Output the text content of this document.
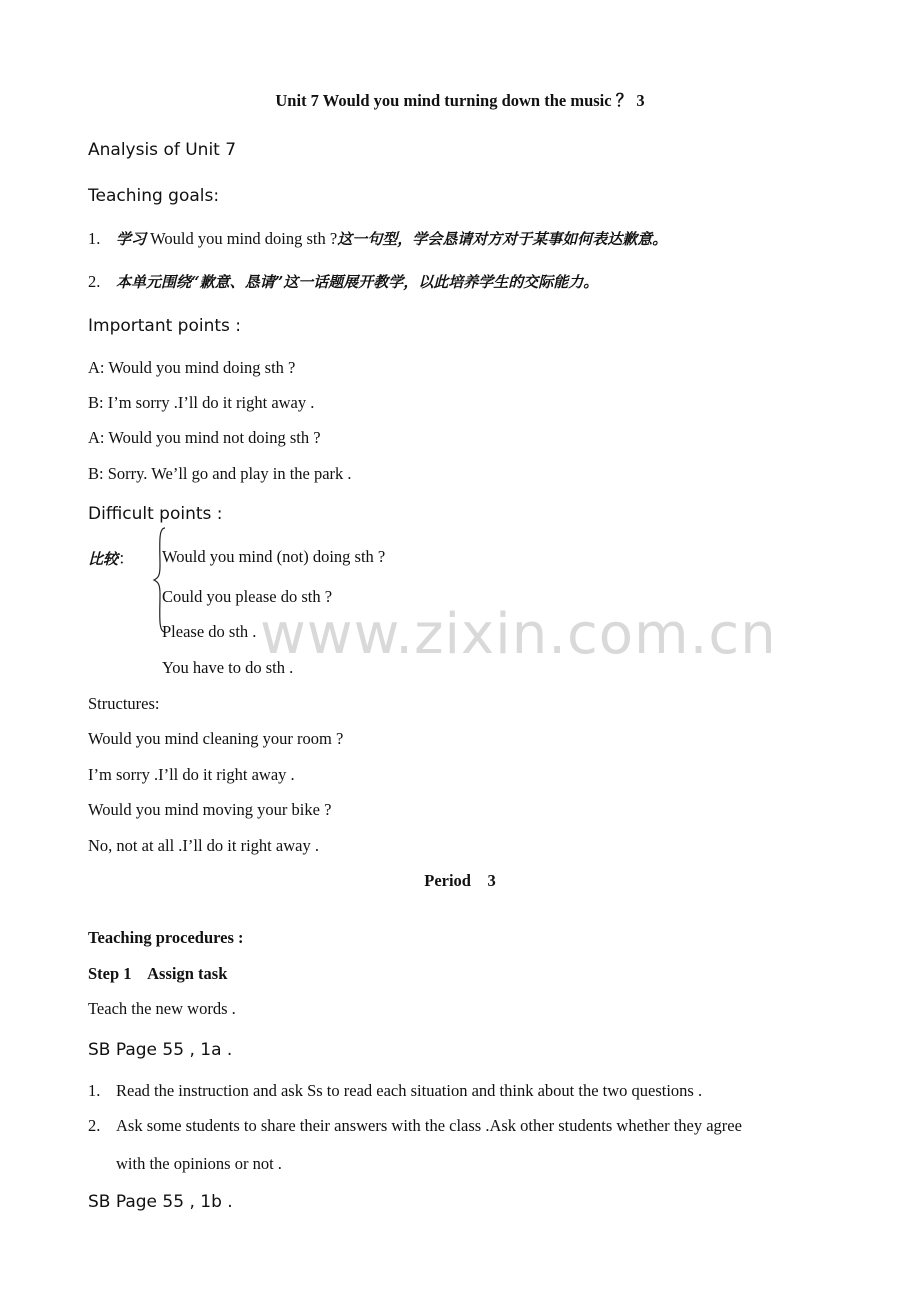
Unit 7 Would you mind turning down the music ？ 3
Analysis of Unit 7
Teaching goals:
1. 学习 Would you mind doing sth ?这一句型，学会恳请对方对于某事如何表达歉意。
2. 本单元围绕“歉意、恳请”这一话题展开教学，以此培养学生的交际能力。
Important points :
A: Would you mind doing sth ?
B: I’m sorry .I’ll do it right away .
A: Would you mind not doing sth ?
B: Sorry. We’ll go and play in the park .
Difficult points :
比较： Would you mind (not) doing sth ?
Could you please do sth ?
Please do sth .
You have to do sth .
Structures:
Would you mind cleaning your room ?
I’m sorry .I’ll do it right away .
Would you mind moving your bike ?
No, not at all .I’ll do it right away .
Period    3
Teaching procedures :
Step 1    Assign task
Teach the new words .
SB Page 55 , 1a .
1. Read the instruction and ask Ss to read each situation and think about the two questions .
2. Ask some students to share their answers with the class .Ask other students whether they agree
with the opinions or not .
SB Page 55 , 1b .
www.zixin.com.cn
